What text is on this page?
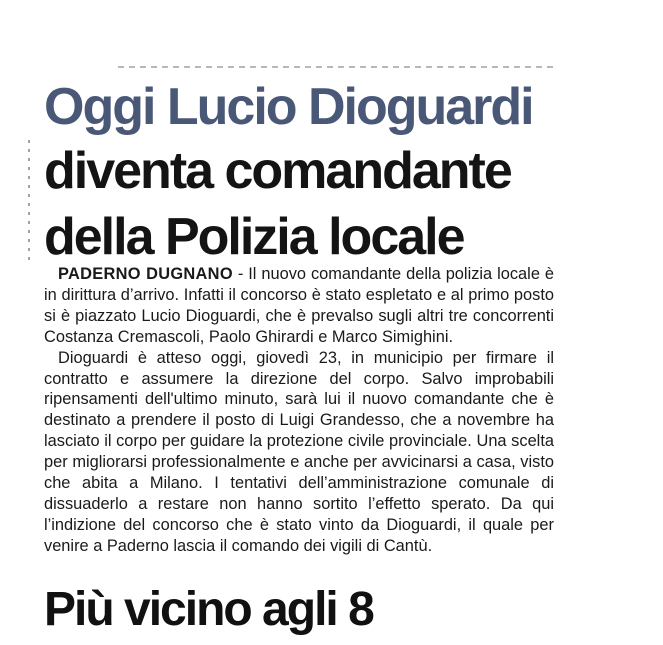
Oggi Lucio Dioguardi
diventa comandante
della Polizia locale

PADERNO DUGNANO - Il nuovo comandante della polizia locale è in dirittura d’arrivo. Infatti il concorso è stato espletato e al primo posto si è piazzato Lucio Dioguardi, che è prevalso sugli altri tre concorrenti Costanza Cremascoli, Paolo Ghirardi e Marco Simighini.

Dioguardi è atteso oggi, giovedì 23, in municipio per firmare il contratto e assumere la direzione del corpo. Salvo improbabili ripensamenti dell'ultimo minuto, sarà lui il nuovo comandante che è destinato a prendere il posto di Luigi Grandesso, che a novembre ha lasciato il corpo per guidare la protezione civile provinciale. Una scelta per migliorarsi professionalmente e anche per avvicinarsi a casa, visto che abita a Milano. I tentativi dell’amministrazione comunale di dissuaderlo a restare non hanno sortito l’effetto sperato. Da qui l’indizione del concorso che è stato vinto da Dioguardi, il quale per venire a Paderno lascia il comando dei vigili di Cantù.

Più vicino agli 8
